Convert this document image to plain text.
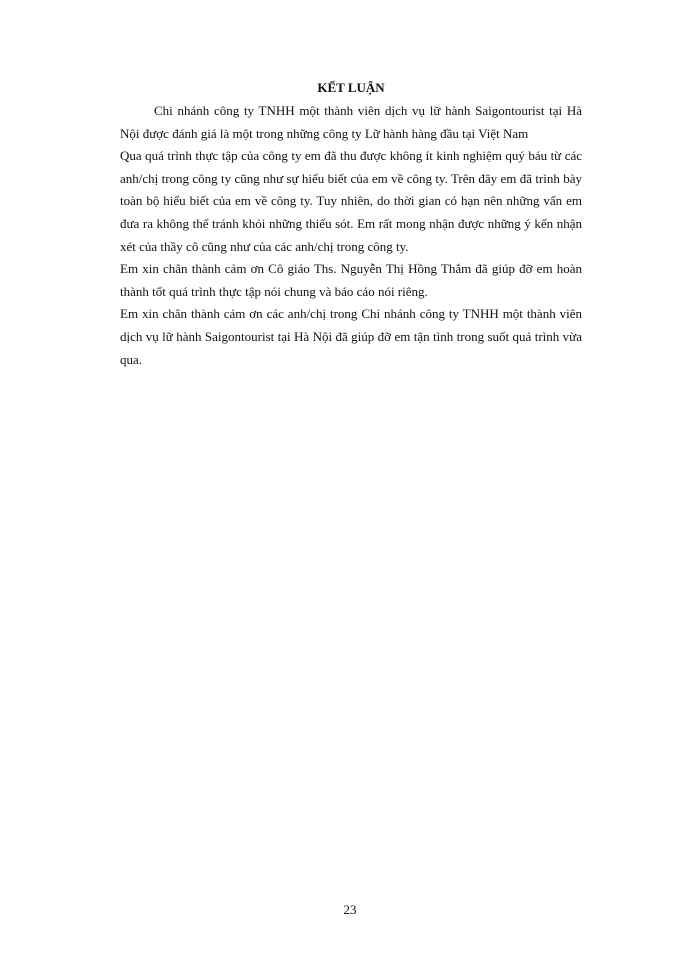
KẾT LUẬN

Chi nhánh công ty TNHH một thành viên dịch vụ lữ hành Saigontourist tại Hà Nội được đánh giá là một trong những công ty Lữ hành hàng đầu tại Việt Nam

Qua quá trình thực tập của công ty em đã thu được không ít kinh nghiệm quý báu từ các anh/chị trong công ty cũng như sự hiểu biết của em về công ty. Trên đây em đã trình bày toàn bộ hiểu biết của em về công ty. Tuy nhiên, do thời gian có hạn nên những vấn em đưa ra không thể tránh khỏi những thiếu sót. Em rất mong nhận được những ý kến nhận xét của thầy cô cũng như của các anh/chị trong công ty.

Em xin chân thành cảm ơn Cô giáo Ths. Nguyễn Thị Hồng Thắm đã giúp đỡ em hoàn thành tốt quá trình thực tập nói chung và báo cáo nói riêng.

Em xin chân thành cảm ơn các anh/chị trong Chi nhánh công ty TNHH một thành viên dịch vụ lữ hành Saigontourist tại Hà Nội đã giúp đỡ em tận tình trong suốt quá trình vừa qua.

23
